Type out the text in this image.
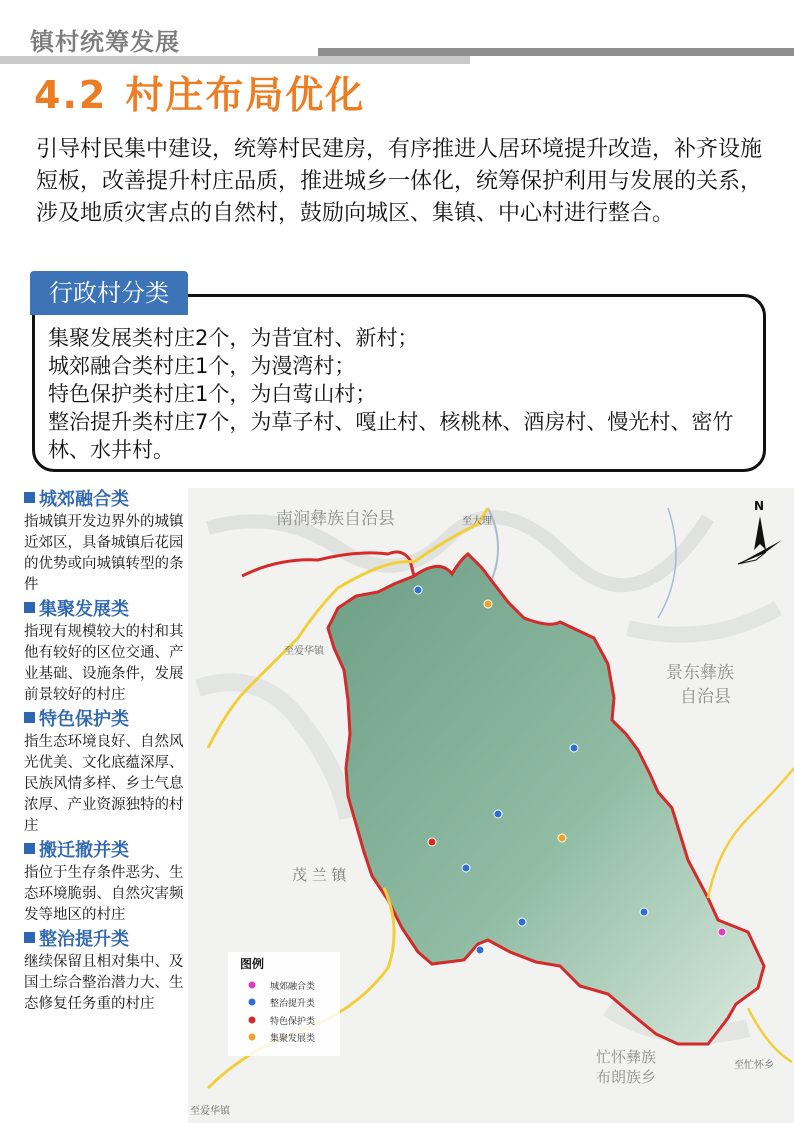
镇村统筹发展
4.2 村庄布局优化
引导村民集中建设，统筹村民建房，有序推进人居环境提升改造，补齐设施短板，改善提升村庄品质，推进城乡一体化，统筹保护利用与发展的关系，涉及地质灾害点的自然村，鼓励向城区、集镇、中心村进行整合。
行政村分类
集聚发展类村庄2个，为昔宜村、新村；
城郊融合类村庄1个，为漫湾村；
特色保护类村庄1个，为白莺山村；
整治提升类村庄7个，为草子村、嘎止村、核桃林、酒房村、慢光村、密竹林、水井村。
城郊融合类
指城镇开发边界外的城镇近郊区，具备城镇后花园的优势或向城镇转型的条件
集聚发展类
指现有规模较大的村和其他有较好的区位交通、产业基础、设施条件，发展前景较好的村庄
特色保护类
指生态环境良好、自然风光优美、文化底蕴深厚、民族风情多样、乡土气息浓厚、产业资源独特的村庄
搬迁撤并类
指位于生存条件恶劣、生态环境脆弱、自然灾害频发等地区的村庄
整治提升类
继续保留且相对集中、及国土综合整治潜力大、生态修复任务重的村庄
南涧彝族自治县	至大理
至爱华镇
景东彝族
自治县
茂 兰 镇
忙怀彝族
布朗族乡
至忙怀乡
至爱华镇
N
图例
城郊融合类
整治提升类
特色保护类
集聚发展类
